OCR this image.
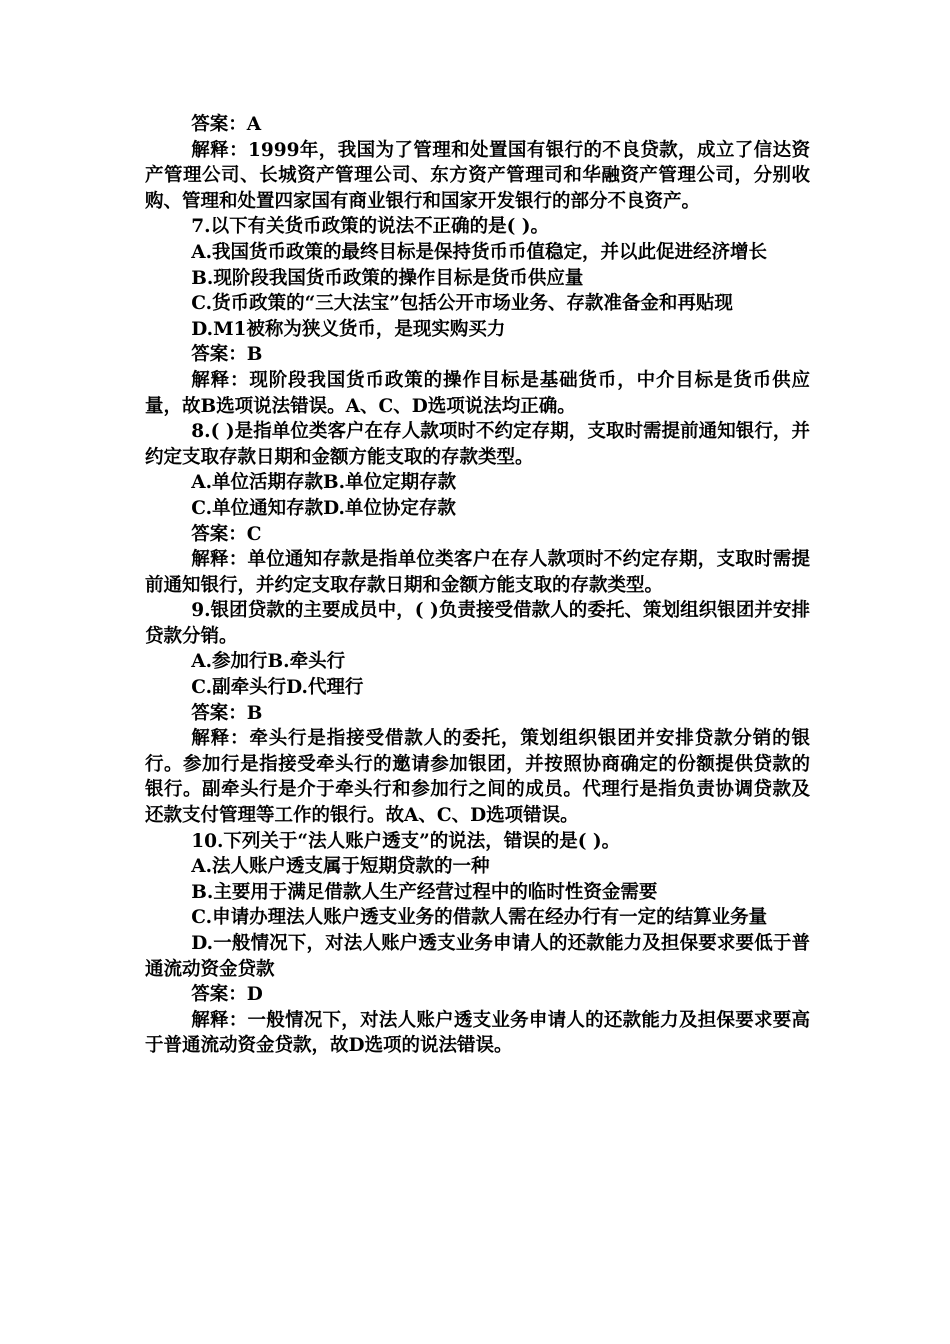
答案：A

解释：1999年，我国为了管理和处置国有银行的不良贷款，成立了信达资产管理公司、长城资产管理公司、东方资产管理司和华融资产管理公司，分别收购、管理和处置四家国有商业银行和国家开发银行的部分不良资产。

7.以下有关货币政策的说法不正确的是( )。

A.我国货币政策的最终目标是保持货币币值稳定，并以此促进经济增长

B.现阶段我国货币政策的操作目标是货币供应量

C.货币政策的“三大法宝”包括公开市场业务、存款准备金和再贴现

D.M1被称为狭义货币，是现实购买力

答案：B

解释：现阶段我国货币政策的操作目标是基础货币，中介目标是货币供应量，故B选项说法错误。A、C、D选项说法均正确。

8.( )是指单位类客户在存人款项时不约定存期，支取时需提前通知银行，并约定支取存款日期和金额方能支取的存款类型。

A.单位活期存款B.单位定期存款

C.单位通知存款D.单位协定存款

答案：C

解释：单位通知存款是指单位类客户在存人款项时不约定存期，支取时需提前通知银行，并约定支取存款日期和金额方能支取的存款类型。

9.银团贷款的主要成员中，( )负责接受借款人的委托、策划组织银团并安排贷款分销。

A.参加行B.牵头行

C.副牵头行D.代理行

答案：B

解释：牵头行是指接受借款人的委托，策划组织银团并安排贷款分销的银行。参加行是指接受牵头行的邀请参加银团，并按照协商确定的份额提供贷款的银行。副牵头行是介于牵头行和参加行之间的成员。代理行是指负责协调贷款及还款支付管理等工作的银行。故A、C、D选项错误。

10.下列关于“法人账户透支”的说法，错误的是( )。

A.法人账户透支属于短期贷款的一种

B.主要用于满足借款人生产经营过程中的临时性资金需要

C.申请办理法人账户透支业务的借款人需在经办行有一定的结算业务量

D.一般情况下，对法人账户透支业务申请人的还款能力及担保要求要低于普通流动资金贷款

答案：D

解释：一般情况下，对法人账户透支业务申请人的还款能力及担保要求要高于普通流动资金贷款，故D选项的说法错误。
